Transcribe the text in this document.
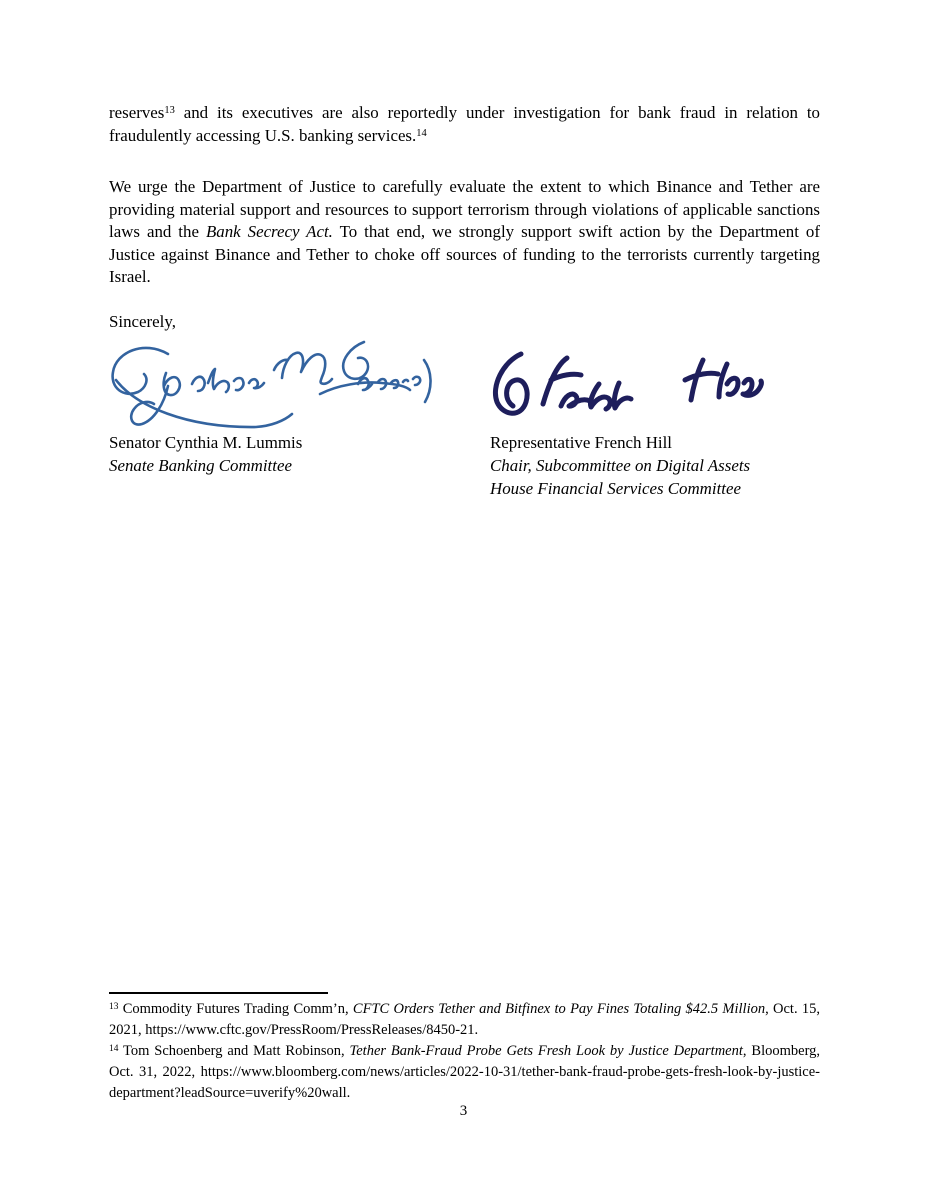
reserves$^{13}$ and its executives are also reportedly under investigation for bank fraud in relation to fraudulently accessing U.S. banking services.$^{14}$

We urge the Department of Justice to carefully evaluate the extent to which Binance and Tether are providing material support and resources to support terrorism through violations of applicable sanctions laws and the Bank Secrecy Act. To that end, we strongly support swift action by the Department of Justice against Binance and Tether to choke off sources of funding to the terrorists currently targeting Israel.

Sincerely,

Senator Cynthia M. Lummis
Senate Banking Committee

Representative French Hill
Chair, Subcommittee on Digital Assets
House Financial Services Committee

$^{13}$ Commodity Futures Trading Comm’n, CFTC Orders Tether and Bitfinex to Pay Fines Totaling $42.5 Million, Oct. 15, 2021, https://www.cftc.gov/PressRoom/PressReleases/8450-21.

$^{14}$ Tom Schoenberg and Matt Robinson, Tether Bank-Fraud Probe Gets Fresh Look by Justice Department, Bloomberg, Oct. 31, 2022, https://www.bloomberg.com/news/articles/2022-10-31/tether-bank-fraud-probe-gets-fresh-look-by-justice-department?leadSource=uverify%20wall.

3
